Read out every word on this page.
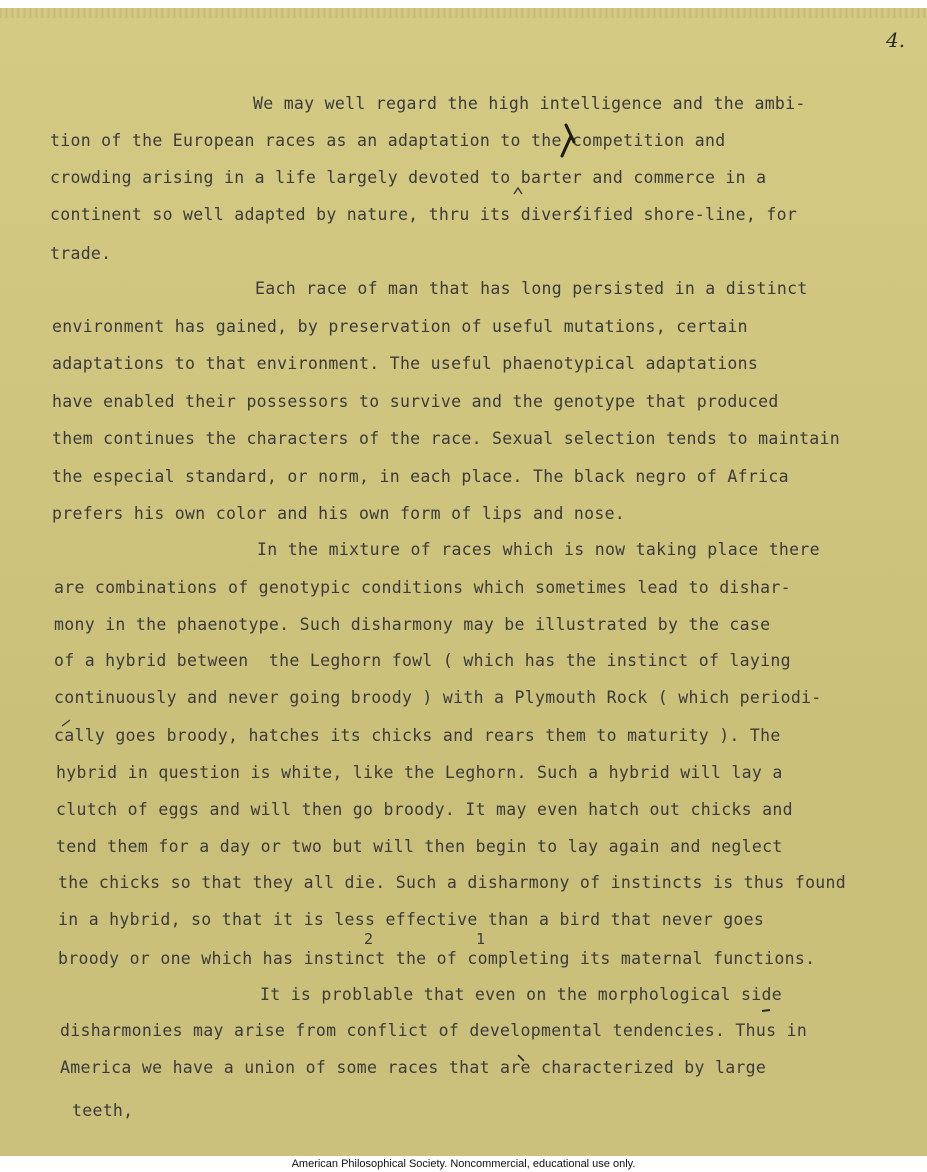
4.
We may well regard the high intelligence and the ambi-
tion of the European races as an adaptation to the competition and
crowding arising in a life largely devoted to barter and commerce in a
continent so well adapted by nature, thru its diversified shore-line, for
trade.
Each race of man that has long persisted in a distinct
environment has gained, by preservation of useful mutations, certain
adaptations to that environment. The useful phaenotypical adaptations
have enabled their possessors to survive and the genotype that produced
them continues the characters of the race. Sexual selection tends to maintain
the especial standard, or norm, in each place. The black negro of Africa
prefers his own color and his own form of lips and nose.
In the mixture of races which is now taking place there
are combinations of genotypic conditions which sometimes lead to dishar-
mony in the phaenotype. Such disharmony may be illustrated by the case
of a hybrid between  the Leghorn fowl ( which has the instinct of laying
continuously and never going broody ) with a Plymouth Rock ( which periodi-
cally goes broody, hatches its chicks and rears them to maturity ). The
hybrid in question is white, like the Leghorn. Such a hybrid will lay a
clutch of eggs and will then go broody. It may even hatch out chicks and
tend them for a day or two but will then begin to lay again and neglect
the chicks so that they all die. Such a disharmony of instincts is thus found
in a hybrid, so that it is less effective than a bird that never goes
2           1
broody or one which has instinct the of completing its maternal functions.
It is problable that even on the morphological side
disharmonies may arise from conflict of developmental tendencies. Thus in
America we have a union of some races that are characterized by large
teeth,
American Philosophical Society. Noncommercial, educational use only.
